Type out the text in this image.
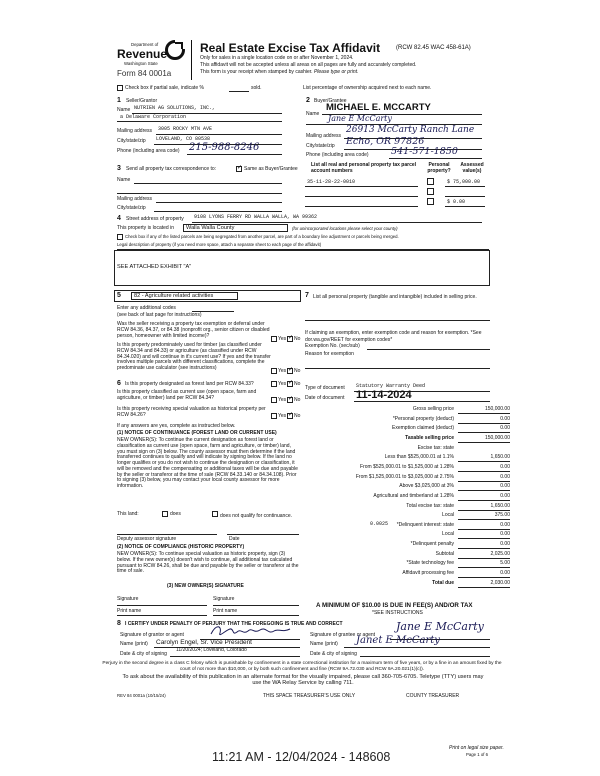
Department of
Revenue
Washington State
Form 84 0001a
Real Estate Excise Tax Affidavit	(RCW 82.45 WAC 458-61A)
Only for sales in a single location code on or after November 1, 2024.
This affidavit will not be accepted unless all areas on all pages are fully and accurately completed.
This form is your receipt when stamped by cashier. Please type or print.
Check box if partial sale, indicate %	sold.	List percentage of ownership acquired next to each name.
1 Seller/Grantor
Name NUTRIEN AG SOLUTIONS, INC.,
a Delaware Corporation
Mailing address 3005 ROCKY MTN AVE
City/state/zip LOVELAND, CO 80538
Phone (including area code) 215-988-8246
2 Buyer/Grantee
Name
MICHAEL E. MCCARTY
Jane E McCarty
Mailing address
26913 McCarty Ranch Lane
City/state/zip Echo, OR 97826
Phone (including area code) 541-571-1850
3 Send all property tax correspondence to: ✓	Same as Buyer/Grantee
Name
Mailing address
City/state/zip
List all real and personal property tax parcel account numbers
Personal property?
Assessed value(s)
35-11-28-22-0010	$ 75,000.00
$ 0.00
4 Street address of property 9108 LYONS FERRY RD WALLA WALLA, WA 99362
This property is located in Walla Walla County	(for unincorporated locations please select your county)
Check box if any of the listed parcels are being segregated from another parcel, are part of a boundary line adjustment or parcels being merged.
Legal description of property (if you need more space, attach a separate sheet to each page of the affidavit)
SEE ATTACHED EXHIBIT "A"
5 82 - Agriculture related activities
Enter any additional codes
(see back of last page for instructions)
Was the seller receiving a property tax exemption or deferral under RCW 84.36, 84.37, or 84.38 (nonprofit org., senior citizen or disabled person, homeowner with limited income)?
Yes ✓ No
Is this property predominately used for timber (as classified under RCW 84.34 and 84.33) or agriculture (as classified under RCW 84.34.020) and will continue in it's current use? If yes and the transfer involves multiple parcels with different classifications, complete the predominate use calculator (see instructions)	Yes ✓ No
6 Is this property designated as forest land per RCW 84.33?	Yes ✓ No
Is this property classified as current use (open space, farm and agriculture, or timber) land per RCW 84.34?	Yes ✓ No
Is this property receiving special valuation as historical property per RCW 84.26?	Yes ✓ No
If any answers are yes, complete as instructed below.
(1) NOTICE OF CONTINUANCE (FOREST LAND OR CURRENT USE)
NEW OWNER(S): To continue the current designation as forest land or classification as current use (open space, farm and agriculture, or timber) land, you must sign on (3) below. The county assessor must then determine if the land transferred continues to qualify and will indicate by signing below. If the land no longer qualifies or you do not wish to continue the designation or classification, it will be removed and the compensating or additional taxes will be due and payable by the seller or transferor at the time of sale (RCW 84.33.140 or 84.34.108). Prior to signing (3) below, you may contact your local county assessor for more information.
This land:	does	does not qualify for continuance.
Deputy assessor signature	Date
(2) NOTICE OF COMPLIANCE (HISTORIC PROPERTY)
NEW OWNER(S): To continue special valuation as historic property, sign (3) below. If the new owner(s) doesn't wish to continue, all additional tax calculated pursuant to RCW 84.26, shall be due and payable by the seller or transferor at the time of sale.
(3) NEW OWNER(S) SIGNATURE
Signature	Signature
Print name	Print name
7 List all personal property (tangible and intangible) included in selling price.
If claiming an exemption, enter exemption code and reason for exemption. *See dor.wa.gov/REET for exemption codes*
Exemption No. (sec/sub)
Reason for exemption
Type of document Statutory Warranty Deed
Date of document 11-14-2024
Gross selling price	150,000.00
*Personal property (deduct)	0.00
Exemption claimed (deduct)	0.00
Taxable selling price	150,000.00
Excise tax: state
Less than $525,000.01 at 1.1%	1,650.00
From $525,000.01 to $1,525,000 at 1.28%	0.00
From $1,525,000.01 to $3,025,000 at 2.75%	0.00
Above $3,025,000 at 3%	0.00
Agricultural and timberland at 1.28%	0.00
Total excise tax: state	1,650.00
Local	375.00
*Delinquent interest: state	0.00
Local	0.00
*Delinquent penalty	0.00
Subtotal	2,025.00
*State technology fee	5.00
Affidavit processing fee	0.00
Total due	2,030.00
0.0025
A MINIMUM OF $10.00 IS DUE IN FEE(S) AND/OR TAX
*SEE INSTRUCTIONS
8 I CERTIFY UNDER PENALTY OF PERJURY THAT THE FOREGOING IS TRUE AND CORRECT
Signature of grantor or agent
Name (print) Carolyn Engel, Sr. Vice President
Date & city of signing
11/20/2024; Loveland, Colorado
Signature of grantee or agent
Jane E McCarty
Name (print) Janet E McCarty
Date & city of signing
Perjury in the second degree is a class C felony which is punishable by confinement in a state correctional institution for a maximum term of five years, or by a fine in an amount fixed by the court of not more than $10,000, or by both such confinement and fine (RCW 9A.72.030 and RCW 9A.20.021(1)(c)).
To ask about the availability of this publication in an alternate format for the visually impaired, please call 360-705-6705. Teletype (TTY) users may use the WA Relay Service by calling 711.
REV 84 0001a (10/15/24)	THIS SPACE TREASURER'S USE ONLY	COUNTY TREASURER
Print on legal size paper.
Page 1 of 6
11:21 AM - 12/04/2024 - 148608
